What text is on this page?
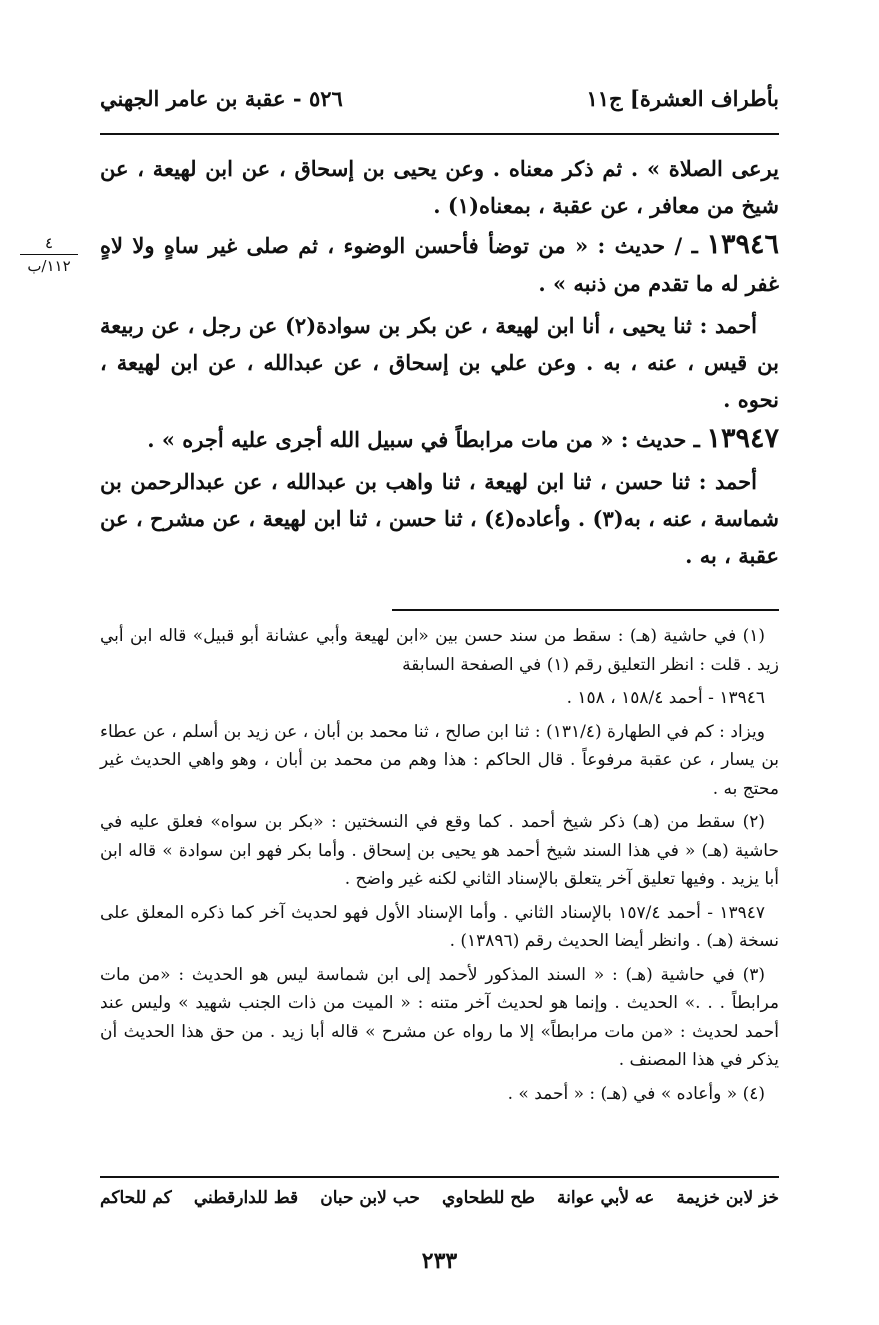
بأطراف العشرة] ج١١
٥٢٦ - عقبة بن عامر الجهني
٤
١١٢/ب

يرعى الصلاة » . ثم ذكر معناه . وعن يحيى بن إسحاق ، عن ابن لهيعة ، عن شيخ من معافر ، عن عقبة ، بمعناه(١) .

١٣٩٤٦ ـ / حديث : « من توضأ فأحسن الوضوء ، ثم صلى غير ساهٍ ولا لاهٍ غفر له ما تقدم من ذنبه » .

أحمد : ثنا يحيى ، أنا ابن لهيعة ، عن بكر بن سوادة(٢) عن رجل ، عن ربيعة بن قيس ، عنه ، به . وعن علي بن إسحاق ، عن عبدالله ، عن ابن لهيعة ، نحوه .

١٣٩٤٧ ـ حديث : « من مات مرابطاً في سبيل الله أجرى عليه أجره » .

أحمد : ثنا حسن ، ثنا ابن لهيعة ، ثنا واهب بن عبدالله ، عن عبدالرحمن بن شماسة ، عنه ، به(٣) . وأعاده(٤) ، ثنا حسن ، ثنا ابن لهيعة ، عن مشرح ، عن عقبة ، به .

(١) في حاشية (هـ) : سقط من سند حسن بين «ابن لهيعة وأبي عشانة أبو قبيل» قاله ابن أبي زيد . قلت : انظر التعليق رقم (١) في الصفحة السابقة

١٣٩٤٦ - أحمد ١٥٨/٤ ، ١٥٨ .

ويزاد : كم في الطهارة (١٣١/٤) : ثنا ابن صالح ، ثنا محمد بن أبان ، عن زيد بن أسلم ، عن عطاء بن يسار ، عن عقبة مرفوعاً . قال الحاكم : هذا وهم من محمد بن أبان ، وهو واهي الحديث غير محتج به .

(٢) سقط من (هـ) ذكر شيخ أحمد . كما وقع في النسختين : «بكر بن سواه» فعلق عليه في حاشية (هـ) « في هذا السند شيخ أحمد هو يحيى بن إسحاق . وأما بكر فهو ابن سوادة » قاله ابن أبا يزيد . وفيها تعليق آخر يتعلق بالإسناد الثاني لكنه غير واضح .

١٣٩٤٧ - أحمد ١٥٧/٤ بالإسناد الثاني . وأما الإسناد الأول فهو لحديث آخر كما ذكره المعلق على نسخة (هـ) . وانظر أيضا الحديث رقم (١٣٨٩٦) .

(٣) في حاشية (هـ) : « السند المذكور لأحمد إلى ابن شماسة ليس هو الحديث : «من مات مرابطاً . . .» الحديث . وإنما هو لحديث آخر متنه : « الميت من ذات الجنب شهيد » وليس عند أحمد لحديث : «من مات مرابطاً» إلا ما رواه عن مشرح » قاله أبا زيد . من حق هذا الحديث أن يذكر في هذا المصنف .

(٤) « وأعاده » في (هـ) : « أحمد » .

خز لابن خزيمة
عه لأبي عوانة
طح للطحاوي
حب لابن حبان
قط للدارقطني
كم للحاكم
٢٣٣
